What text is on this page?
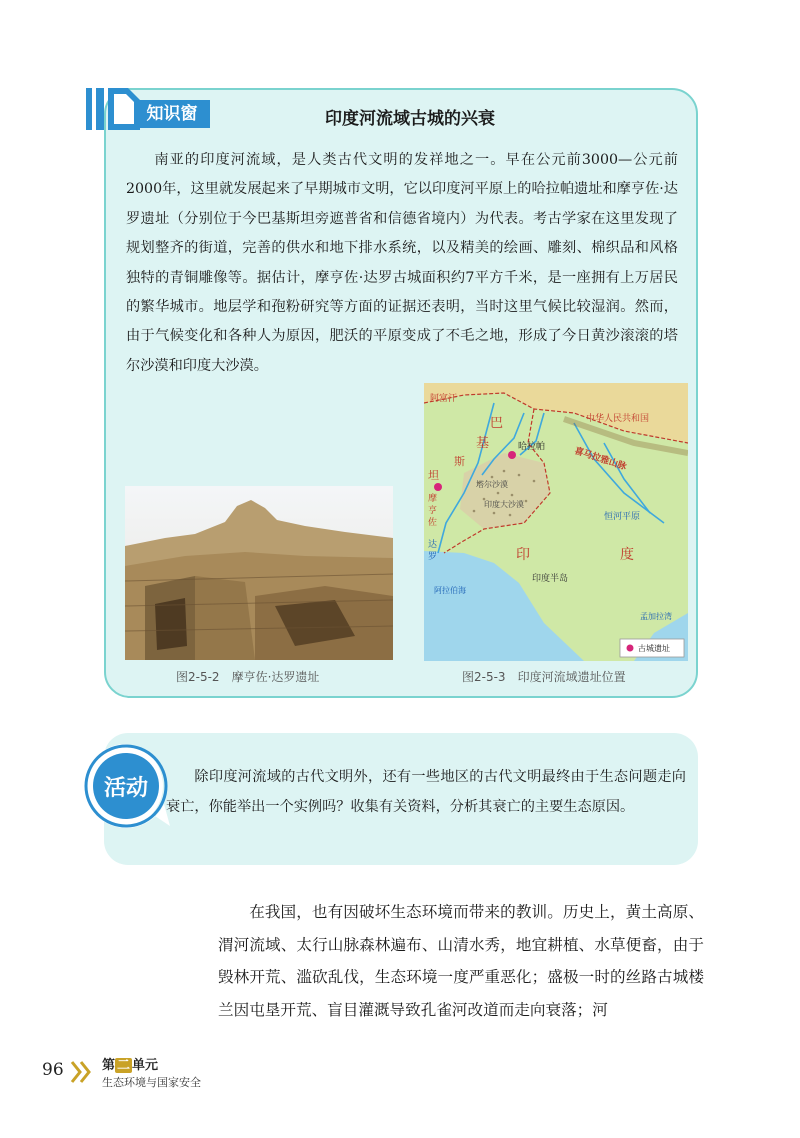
知识窗	印度河流域古城的兴衰

南亚的印度河流域，是人类古代文明的发祥地之一。早在公元前3000—公元前2000年，这里就发展起来了早期城市文明，它以印度河平原上的哈拉帕遗址和摩亨佐·达罗遗址（分别位于今巴基斯坦旁遮普省和信德省境内）为代表。考古学家在这里发现了规划整齐的街道，完善的供水和地下排水系统，以及精美的绘画、雕刻、棉织品和风格独特的青铜雕像等。据估计，摩亨佐·达罗古城面积约7平方千米，是一座拥有上万居民的繁华城市。地层学和孢粉研究等方面的证据还表明，当时这里气候比较湿润。然而，由于气候变化和各种人为原因，肥沃的平原变成了不毛之地，形成了今日黄沙滚滚的塔尔沙漠和印度大沙漠。

图2-5-2　摩亨佐·达罗遗址
阿富汗
巴
基
斯
坦
中华人民共和国
哈拉帕
摩
亨
佐
达
罗
塔尔沙漠
印度大沙漠
印	度
印度半岛
喜马拉雅山脉
恒河平原
阿拉伯海
孟加拉湾
古城遗址
图2-5-3　印度河流域遗址位置
活动	除印度河流域的古代文明外，还有一些地区的古代文明最终由于生态问题走向衰亡，你能举出一个实例吗？收集有关资料，分析其衰亡的主要生态原因。

在我国，也有因破坏生态环境而带来的教训。历史上，黄土高原、渭河流域、太行山脉森林遍布、山清水秀，地宜耕植、水草便畜，由于毁林开荒、滥砍乱伐，生态环境一度严重恶化；盛极一时的丝路古城楼兰因屯垦开荒、盲目灌溉导致孔雀河改道而走向衰落；河

96	第 二 单元
生态环境与国家安全
